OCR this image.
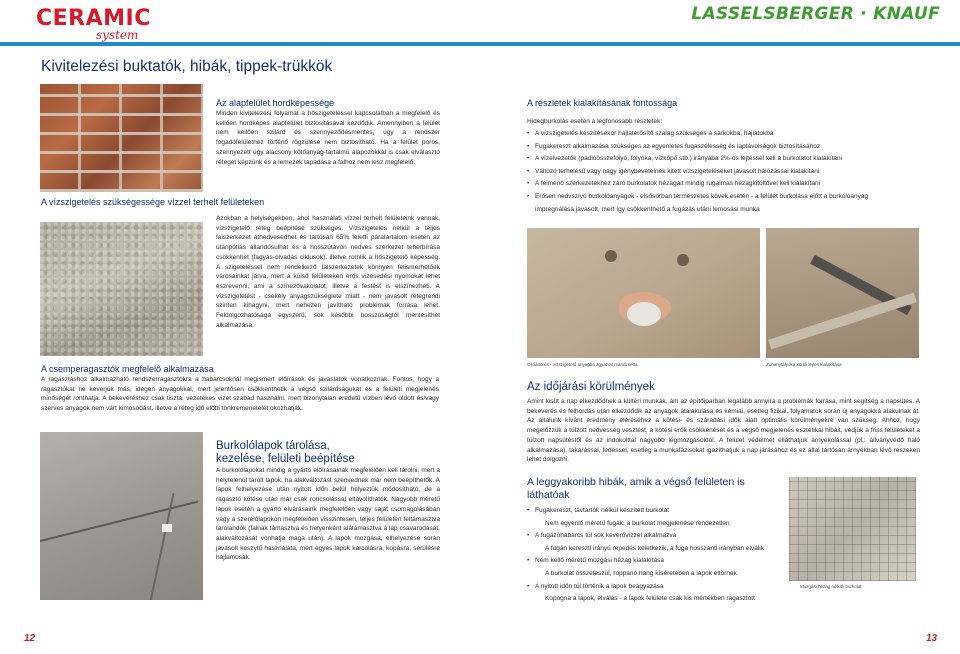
CERAMIC
system
LASSELSBERGER · KNAUF
Kivitelezési buktatók, hibák, tippek-trükkök
Az alapfelület hordképessége

Minden kivitelezési folyamat a hőszigeteléssel kapcsolatban a megfelelő és kellően hordképes alapfelület biztosításával kezdődik. Amennyiben a felület nem kellően szilárd és szennyeződésmentes, úgy a rendszer fogadófelülethez történő rögzülése nem biztosítható. Ha a felület poros, szennyezett úgy alacsony kötőanyag-tartalmú alapozókkal is csak elválasztó réteget képzünk és a lemezek tapadása a falhoz nem lesz megfelelő.

A vízszigetelés szükségessége vízzel terhelt felületeken

Azokban a helyiségekben, ahol használati vízzel terhelt felületeink vannak, vízszigetelő réteg beépítése szükséges. Vízszigetelés nélkül a teljes falszerkezet átnedvesedhet és tartósan 65% feletti páratartalom esetén az utánpótlás állandósulhat és a hosszútávon nedves szerkezet teherbírása csökkenhet (fagyás-olvadás ciklusok), illetve romlik a hőszigetelő képesség. A szigeteléssel nem rendelkező falszerkezetek könnyen felismerhetőek városainkat járva, mert a külső felületeken erős vizesedési nyomokat lehet észrevenni, ami a színezővakolatot, illetve a festést is elszínezheti. A vízszigetelést - csekély anyagszükséglete miatt - nem javasolt rétegrendi szinten kihagyni, mert nehezen javítható problémák forrása lehet. Feldolgozhatósága egyszerű, sok későbbi bosszúságtól mentesíthet alkalmazása.

A csemperagasztók megfelelő alkalmazása

A ragasztáshoz alkalmazható rendszerragasztókra a habarcsoknál megismert előírások és javaslatok vonatkoznak. Fontos, hogy a ragasztókat ne keverjük más, idegen anyagokkal, mert jelentősen csökkenthetik a végső szilárdságukat és a felületi megjelenés minőségét ronthatja. A bekeveréshez csak tiszta, vezetékes vizet szabad használni, mert bizonytalan eredetű vízben lévő oldott és/vagy szerves anyagok nem várt kimosódást, illetve a réteg idő előtti tönkremenetelét okozhatják.

Burkolólapok tárolása, kezelése, felületi beépítése

A burkolólapokat mindig a gyártó előírásainak megfelelően kell tárolni, mert a helytelenül tárolt lapok, ha alakváltozást szenvednek már nem beépíthetők. A lapok felhelyezése után nyitott időn belül helyeztük módosítható, de a ragasztó kötése után már csak roncsolással eltávolíthatók. Nagyobb méretű lapok esetén a gyártó elvárásaink megfelelően vagy saját csomagolásában vagy a szerelőlapokon megfelelően visszintesen, teljes felületen feltámasztva tárolandók (falnak támasztva és helyenként alátámasztva a lap csavarodását, alakváltozását vonhatja maga után). A lapok mozgása, elhelyezése során javasolt keszytű használata, mert egyes lapok karcolásra, kopásra, sérülésre hajlamosak.

A részletek kialakításának fontossága

Hidegburkolás esetén a legfonosabb részletek:

• A vízszigetelés készítésekor hajlaterősítő szalag szükséges a sarkokba, hajlatokba
• Fugakereszt alkalmazása szükséges az egyenletes fugaszélesség és laptávolságok biztosításához
• A vízelvezetők (padlóösszefolyó, folyóka, vízköpő stb.) irányába 2%-os lejtéssel kell a burkolatot kialakítani
• Változó terhelésű vagy nagy igénybevételnek kitett vízszigeteléseket javasolt hálózással kialakítani
• A felmenő szerkezetekhez záró burkolatok hézagait mindig rugalmas hézagkitöltővel kell kialakítani
• Erősen nedvszívó burkolóanyagok - elsősorban természetes kövek esetén - a felület burkolása előtt a burkolóanyag impregnálása javasolt, mert így csökkenthető a fugázás utáni lemosási munka
Csőáttörés - vízszigetelő anyagba ágyazott mandzsetta	Zuhanytályóka körüli lejtés kialakítása
Az időjárási körülmények

Amint kisüt a nap elkezdődnek a kültéri munkák, ám az építőiparban legalább annyira a problémák forrása, mint segítség a napsütés. A bekeverés és felhordás után elkezdődik az anyagok átalakulása és kémiai, esetleg fizikai, folyamatok során új anyagokká alakulnak át. Az általunk kívánt eredmény eléréséhez a kötési- és száradási idők alatt optimális körülményekre van szükség. Ahhoz, hogy megelőzzük a túlzott nedvesség vesztést, a kötési erők csökkenését és a végső megjelenés esztétikai hibáit, védjük a friss felületeket a túlzott napsütéstől és az indokolttal nagyobb légmozgásoktól. A felület védelmét elláthatjuk árnyékolással (pl.: állványvédő háló alkalmazása), takarással, fedéssel, esetleg a munkafázisokat igazíthatjuk a nap járásához és ez által tartósan árnyékban lévő részeken lehet dolgozni.

A leggyakoribb hibák, amik a végső felületen is láthatóak
• Fugakereszt, távtartók nélkül készített burkolat
Nem egyenlő méretű fugák, a burkolat megjelenése rendezetlen
• A fugázóhabarcs túl sok keverővízzel alkalmazva
A fugán keresztl irányú repedés keletkezik, a fuga hosszanti irányban elválik
• Nem kellő méretű mozgási hézag kialakítása
A burkolat összefeszül, roppanó hang kíséretében a lapok eltörnek
• A nyitott időn túl történik a lapok beágyazása
Kopogna a lapok, elválás - a lapok felülete csak kis mértékben ragasztott
Mozgási hézag nélküli burkolat
12	13
